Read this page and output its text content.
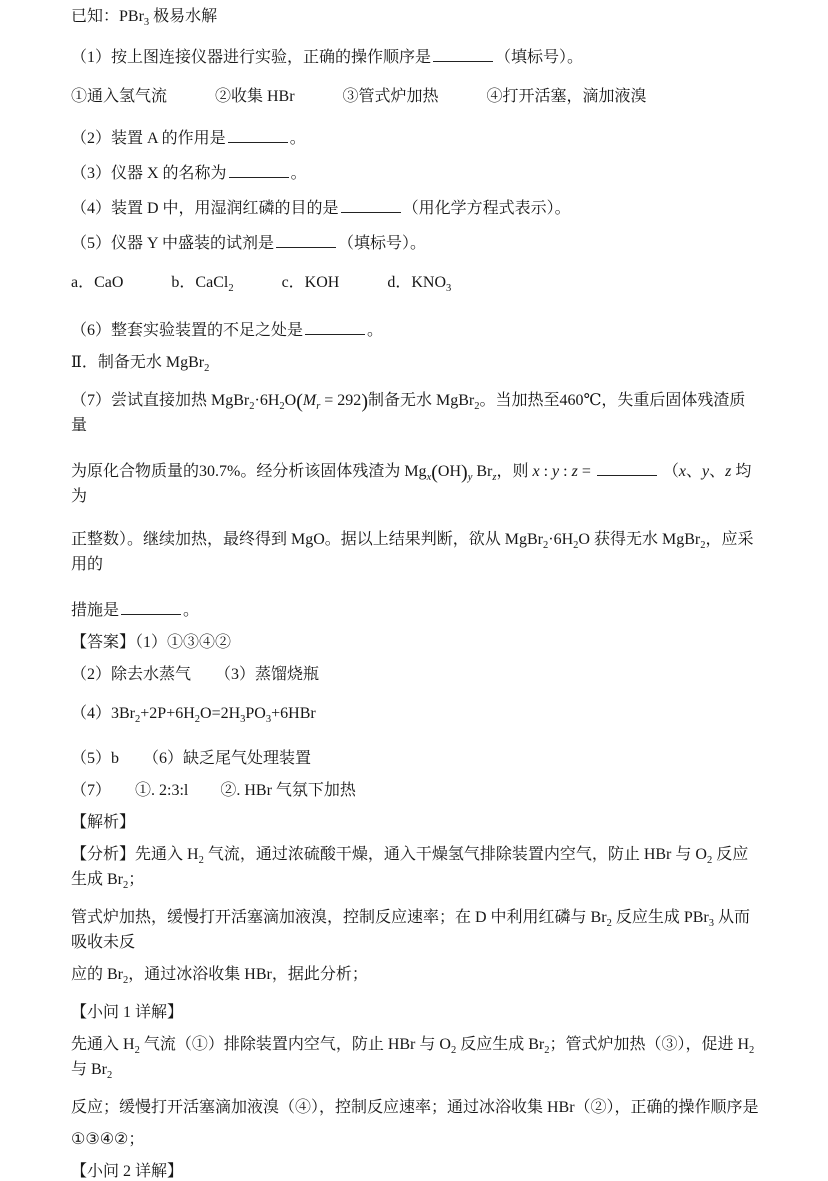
已知：PBr$_3$ 极易水解
（1）按上图连接仪器进行实验，正确的操作顺序是	（填标号）。
①通入氢气流　　　②收集 HBr　　　③管式炉加热　　　④打开活塞，滴加液溴
（2）装置 A 的作用是	。
（3）仪器 X 的名称为	。
（4）装置 D 中，用湿润红磷的目的是	（用化学方程式表示）。
（5）仪器 Y 中盛装的试剂是	（填标号）。
a．CaO　　　b．CaCl$_2$　　　c．KOH　　　d．$KNO_3$
（6）整套实验装置的不足之处是	。
Ⅱ．制备无水 MgBr$_2$
（7）尝试直接加热 $MgBr_2\cdot 6H_2O(M_r = 292)$制备无水 MgBr$_2$。当加热至460℃，失重后固体残渣质量
为原化合物质量的30.7%。经分析该固体残渣为 $Mg_x(OH)_y$ $Br_z$，则 x : y : z =	（x、y、z 均为
正整数）。继续加热，最终得到 MgO。据以上结果判断，欲从 $MgBr_2\cdot 6H_2O$ 获得无水 MgBr$_2$，应采用的
措施是	。
【答案】（1）①③④②
（2）除去水蒸气　　（3）蒸馏烧瓶
$(4)3Br_2+2P+6H_2O=2H_3PO_3+6HBr$
（5）b　　（6）缺乏尾气处理装置
（7）　　①. 2:3:l　　②. HBr 气氛下加热
【解析】
【分析】先通入 $H_2$ 气流，通过浓硫酸干燥，通入干燥氢气排除装置内空气，防止 HBr 与 $O_2$ 反应生成 $Br_2$；
管式炉加热，缓慢打开活塞滴加液溴，控制反应速率；在 D 中利用红磷与 $Br_2$ 反应生成 PBr$_3$ 从而吸收未反
应的 $Br_2$，通过冰浴收集 HBr，据此分析；
【小问 1 详解】
先通入 $H_2$ 气流（①）排除装置内空气，防止 HBr 与 $O_2$ 反应生成 $Br_2$；管式炉加热（③），促进 $H_2$ 与 $Br_2$
反应；缓慢打开活塞滴加液溴（④），控制反应速率；通过冰浴收集 HBr（②），正确的操作顺序是
①③④②；
【小问 2 详解】
